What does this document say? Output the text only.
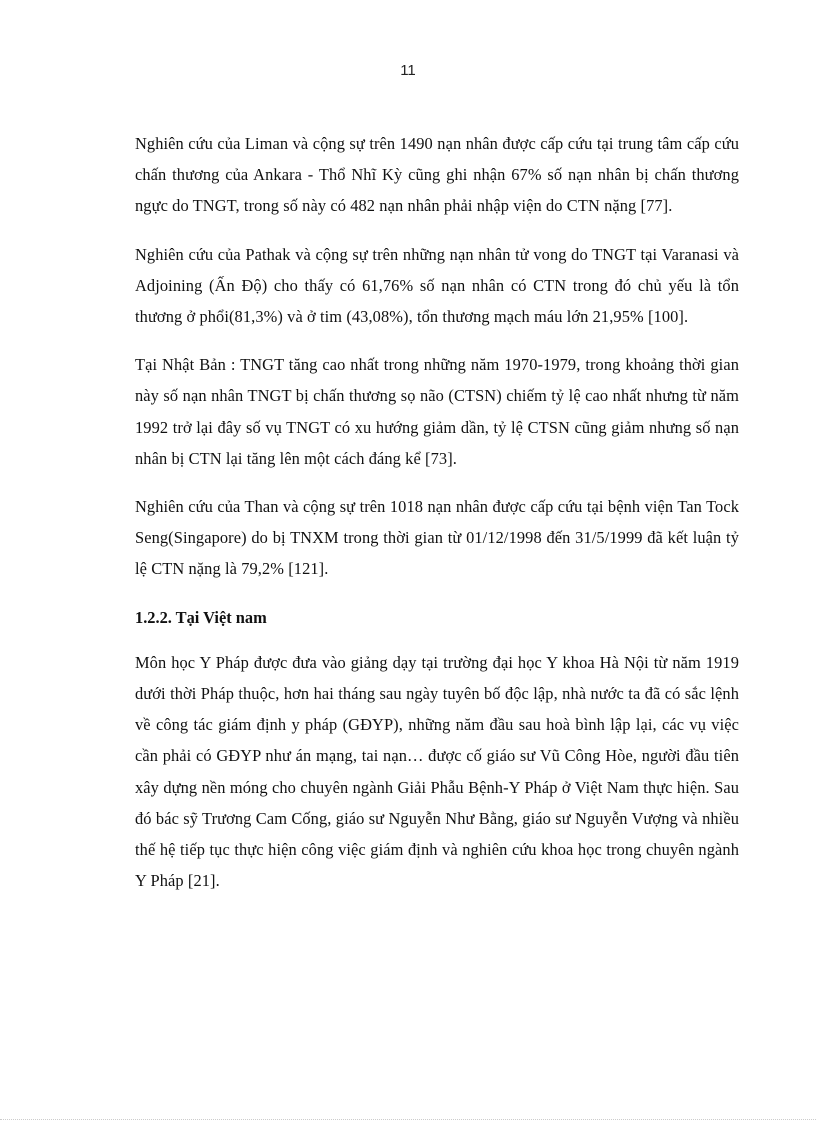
11

Nghiên cứu của Liman và cộng sự trên 1490 nạn nhân được cấp cứu tại trung tâm cấp cứu chấn thương của Ankara - Thổ Nhĩ Kỳ cũng ghi nhận 67% số nạn nhân bị chấn thương ngực do TNGT, trong số này có 482 nạn nhân phải nhập viện do CTN nặng [77].

Nghiên cứu của Pathak và cộng sự trên những nạn nhân tử vong do TNGT tại Varanasi và Adjoining (Ấn Độ) cho thấy có 61,76% số nạn nhân có CTN trong đó chủ yếu là tổn thương ở phổi(81,3%) và ở tim (43,08%), tổn thương mạch máu lớn 21,95% [100].

Tại Nhật Bản : TNGT tăng cao nhất trong những năm 1970-1979, trong khoảng thời gian này số nạn nhân TNGT bị chấn thương sọ não (CTSN) chiếm tỷ lệ cao nhất nhưng từ năm 1992 trở lại đây số vụ TNGT có xu hướng giảm dần, tỷ lệ CTSN cũng giảm nhưng số nạn nhân bị CTN lại tăng lên một cách đáng kể [73].

Nghiên cứu của Than và cộng sự trên 1018 nạn nhân được cấp cứu tại bệnh viện Tan Tock Seng(Singapore) do bị TNXM trong thời gian từ 01/12/1998 đến 31/5/1999 đã kết luận tỷ lệ CTN nặng là 79,2% [121].

1.2.2. Tại Việt nam

Môn học Y Pháp được đưa vào giảng dạy tại trường đại học Y khoa Hà Nội từ năm 1919 dưới thời Pháp thuộc, hơn hai tháng sau ngày tuyên bố độc lập, nhà nước ta đã có sắc lệnh về công tác giám định y pháp (GĐYP), những năm đầu sau hoà bình lập lại, các vụ việc cần phải có GĐYP như án mạng, tai nạn… được cố giáo sư Vũ Công Hòe, người đầu tiên xây dựng nền móng cho chuyên ngành Giải Phẫu Bệnh-Y Pháp ở Việt Nam thực hiện. Sau đó bác sỹ Trương Cam Cống, giáo sư Nguyễn Như Bằng, giáo sư Nguyễn Vượng và nhiều thế hệ tiếp tục thực hiện công việc giám định và nghiên cứu khoa học trong chuyên ngành Y Pháp [21].
